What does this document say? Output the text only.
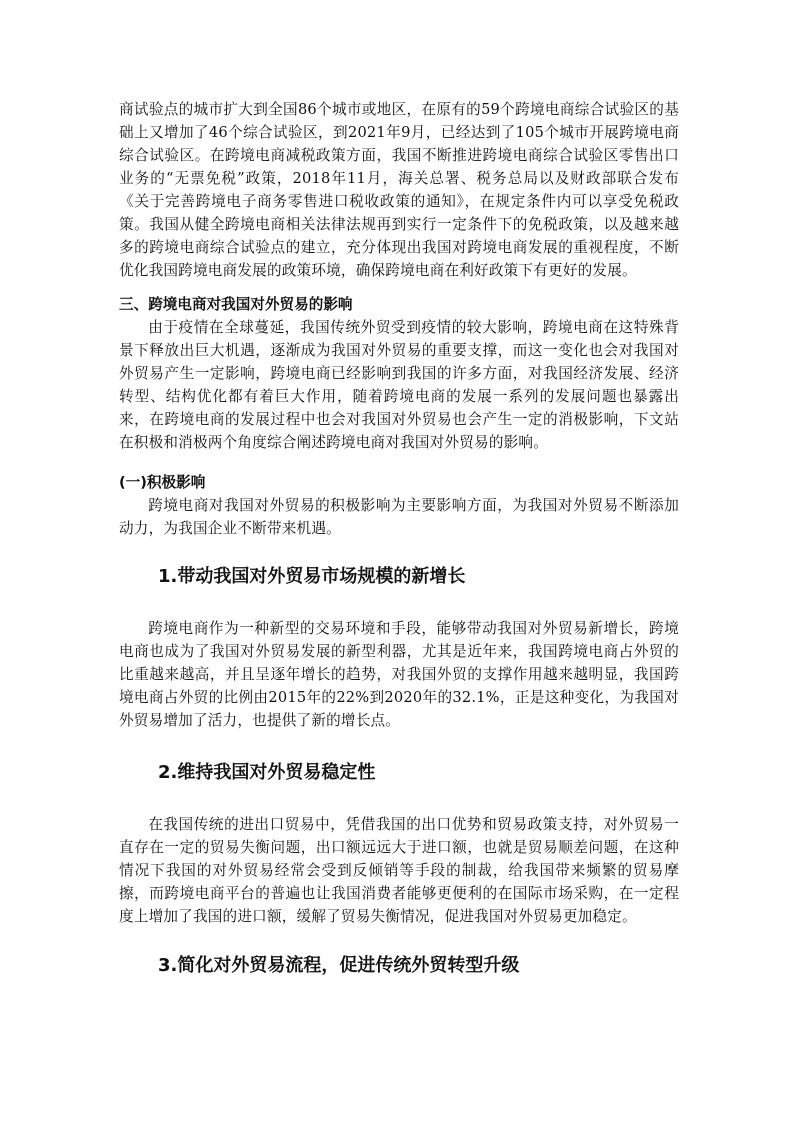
商试验点的城市扩大到全国86个城市或地区，在原有的59个跨境电商综合试验区的基础上又增加了46个综合试验区，到2021年9月，已经达到了105个城市开展跨境电商综合试验区。在跨境电商减税政策方面，我国不断推进跨境电商综合试验区零售出口业务的“无票免税”政策，2018年11月，海关总署、税务总局以及财政部联合发布《关于完善跨境电子商务零售进口税收政策的通知》，在规定条件内可以享受免税政策。我国从健全跨境电商相关法律法规再到实行一定条件下的免税政策，以及越来越多的跨境电商综合试验点的建立，充分体现出我国对跨境电商发展的重视程度，不断优化我国跨境电商发展的政策环境，确保跨境电商在利好政策下有更好的发展。

三、跨境电商对我国对外贸易的影响

由于疫情在全球蔓延，我国传统外贸受到疫情的较大影响，跨境电商在这特殊背景下释放出巨大机遇，逐渐成为我国对外贸易的重要支撑，而这一变化也会对我国对外贸易产生一定影响，跨境电商已经影响到我国的许多方面，对我国经济发展、经济转型、结构优化都有着巨大作用，随着跨境电商的发展一系列的发展问题也暴露出来，在跨境电商的发展过程中也会对我国对外贸易也会产生一定的消极影响，下文站在积极和消极两个角度综合阐述跨境电商对我国对外贸易的影响。

(一)积极影响

跨境电商对我国对外贸易的积极影响为主要影响方面，为我国对外贸易不断添加动力，为我国企业不断带来机遇。

1.带动我国对外贸易市场规模的新增长

跨境电商作为一种新型的交易环境和手段，能够带动我国对外贸易新增长，跨境电商也成为了我国对外贸易发展的新型利器，尤其是近年来，我国跨境电商占外贸的比重越来越高，并且呈逐年增长的趋势，对我国外贸的支撑作用越来越明显，我国跨境电商占外贸的比例由2015年的22%到2020年的32.1%，正是这种变化，为我国对外贸易增加了活力，也提供了新的增长点。

2.维持我国对外贸易稳定性

在我国传统的进出口贸易中，凭借我国的出口优势和贸易政策支持，对外贸易一直存在一定的贸易失衡问题，出口额远远大于进口额，也就是贸易顺差问题，在这种情况下我国的对外贸易经常会受到反倾销等手段的制裁，给我国带来频繁的贸易摩擦，而跨境电商平台的普遍也让我国消费者能够更便利的在国际市场采购，在一定程度上增加了我国的进口额，缓解了贸易失衡情况，促进我国对外贸易更加稳定。

3.简化对外贸易流程，促进传统外贸转型升级
